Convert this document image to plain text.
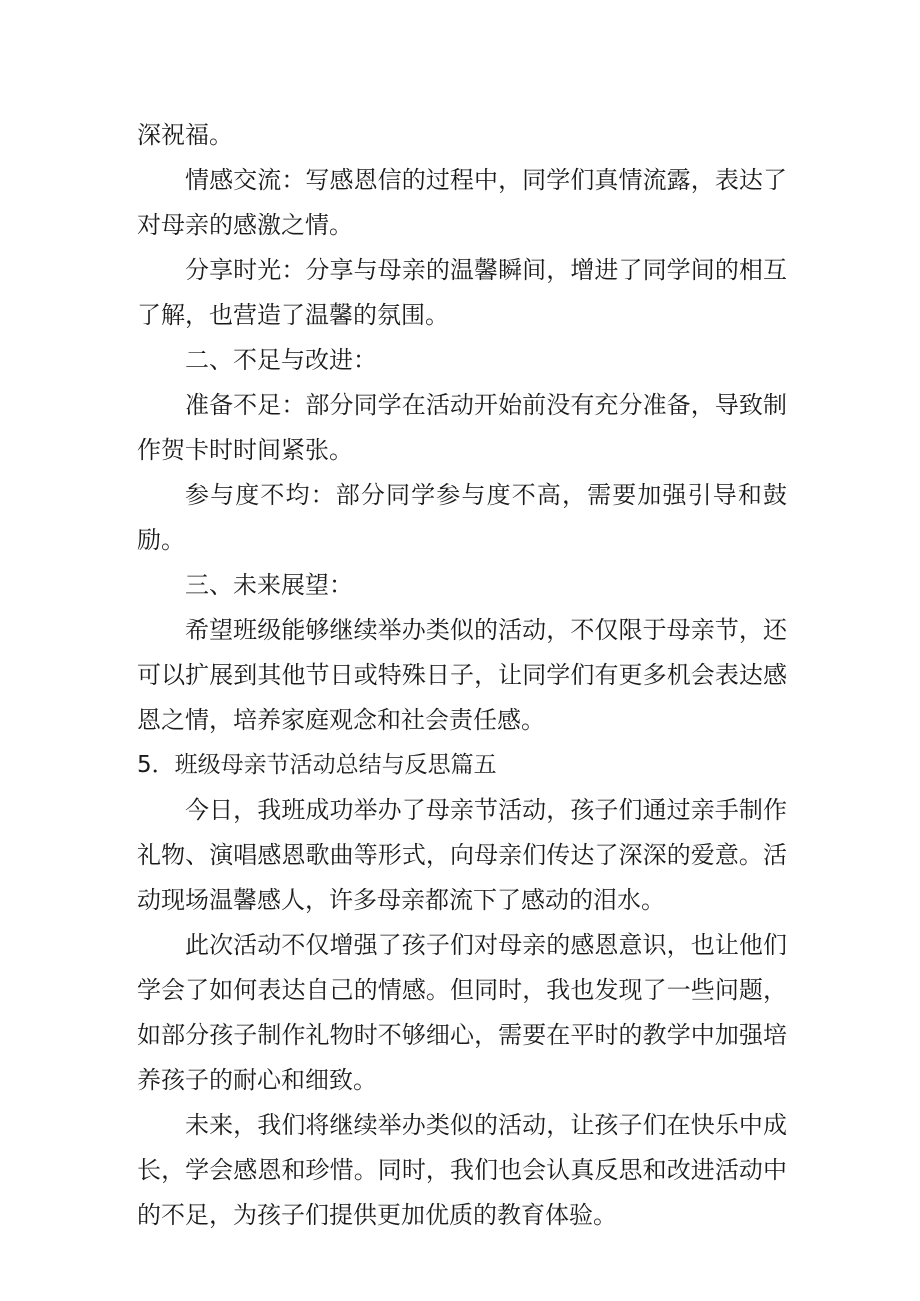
深祝福。

情感交流：写感恩信的过程中，同学们真情流露，表达了对母亲的感激之情。

分享时光：分享与母亲的温馨瞬间，增进了同学间的相互了解，也营造了温馨的氛围。

二、不足与改进：

准备不足：部分同学在活动开始前没有充分准备，导致制作贺卡时时间紧张。

参与度不均：部分同学参与度不高，需要加强引导和鼓励。

三、未来展望：

希望班级能够继续举办类似的活动，不仅限于母亲节，还可以扩展到其他节日或特殊日子，让同学们有更多机会表达感恩之情，培养家庭观念和社会责任感。

5．班级母亲节活动总结与反思篇五

今日，我班成功举办了母亲节活动，孩子们通过亲手制作礼物、演唱感恩歌曲等形式，向母亲们传达了深深的爱意。活动现场温馨感人，许多母亲都流下了感动的泪水。

此次活动不仅增强了孩子们对母亲的感恩意识，也让他们学会了如何表达自己的情感。但同时，我也发现了一些问题，如部分孩子制作礼物时不够细心，需要在平时的教学中加强培养孩子的耐心和细致。

未来，我们将继续举办类似的活动，让孩子们在快乐中成长，学会感恩和珍惜。同时，我们也会认真反思和改进活动中的不足，为孩子们提供更加优质的教育体验。
